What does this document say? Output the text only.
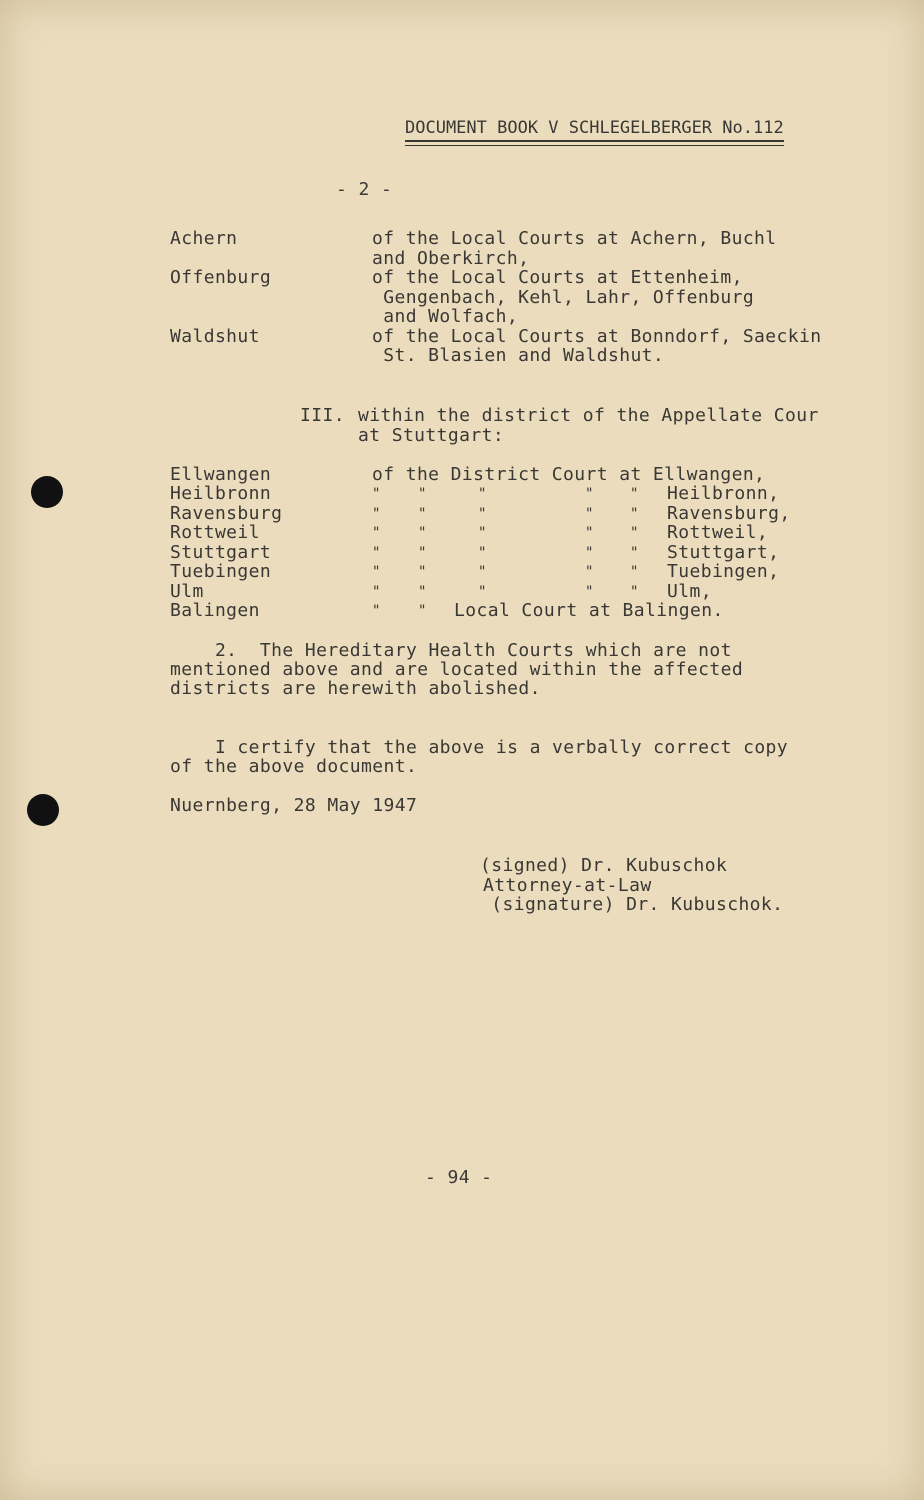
DOCUMENT BOOK V SCHLEGELBERGER No.112
- 2 -
Achern	of the Local Courts at Achern, Buchl
and Oberkirch,
Offenburg	of the Local Courts at Ettenheim,
Gengenbach, Kehl, Lahr, Offenburg
and Wolfach,
Waldshut	of the Local Courts at Bonndorf, Saeckin
St. Blasien and Waldshut.
III. within the district of the Appellate Cour
at Stuttgart:
Ellwangen	of the District Court at Ellwangen,
Heilbronn	"	"	"	"	" Heilbronn,
Ravensburg	"	"	"	"	" Ravensburg,
Rottweil	"	"	"	"	" Rottweil,
Stuttgart	"	"	"	"	" Stuttgart,
Tuebingen	"	"	"	"	" Tuebingen,
Ulm	"	"	"	"	" Ulm,
Balingen	"	" Local Court at Balingen.
2.  The Hereditary Health Courts which are not
mentioned above and are located within the affected
districts are herewith abolished.
I certify that the above is a verbally correct copy
of the above document.
Nuernberg, 28 May 1947
(signed) Dr. Kubuschok
Attorney-at-Law
(signature) Dr. Kubuschok.
- 94 -
